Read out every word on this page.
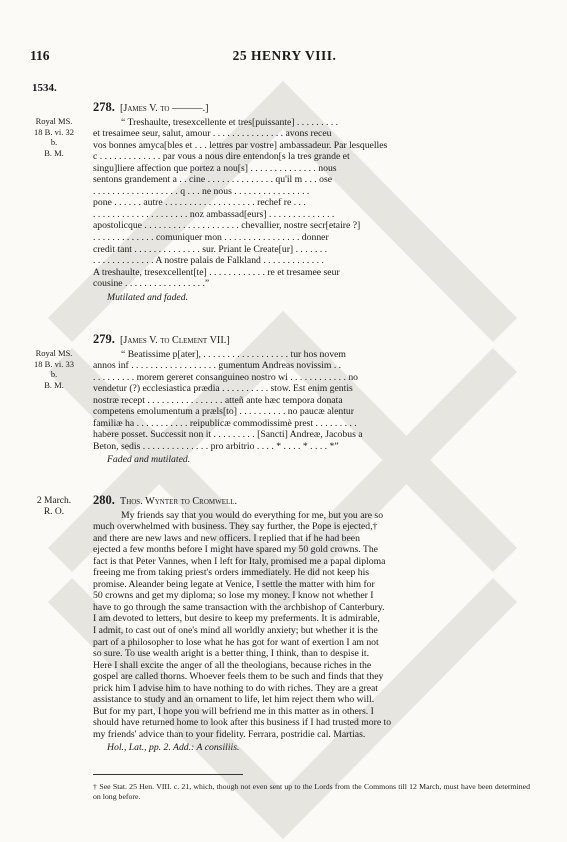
116	25 HENRY VIII.
1534.
Royal MS.
18 B. vi. 32 b.
B. M.
278. [James V. to ———.]
“ Treshaulte, tresexcellente et tres[puissante] . . . . . . . . .
et tresaimee seur, salut, amour . . . . . . . . . . . . . . . avons receu
vos bonnes amyca[bles et . . . lettres par vostre] ambassadeur. Par lesquelles
c . . . . . . . . . . . . . par vous a nous dire entendon[s la tres grande et
singu]liere affection que portez a nou[s] . . . . . . . . . . . . . . nous
sentons grandement a . . cine . . . . . . . . . . . . . . qu'il m . . . ose
. . . . . . . . . . . . . . . . . . q . . . ne nous . . . . . . . . . . . . . . . .
pone . . . . . . autre . . . . . . . . . . . . . . . . . . . rechef re . . .
. . . . . . . . . . . . . . . . . . . . noz ambassad[eurs] . . . . . . . . . . . . . .
apostolicque . . . . . . . . . . . . . . . . . . . . chevallier, nostre secr[etaire ?]
. . . . . . . . . . . . . comuniquer mon . . . . . . . . . . . . . . . . donner
credit tant . . . . . . . . . . . . . . sur. Priant le Create[ur] . . . . . . .
. . . . . . . . . . . . . A nostre palais de Falkland . . . . . . . . . . . . .
A treshaulte, tresexcellent[te] . . . . . . . . . . . . re et tresamee seur
cousine . . . . . . . . . . . . . . . . .”
Mutilated and faded.
Royal MS.
18 B. vi. 33 b.
B. M.
279. [James V. to Clement VII.]
“ Beatissime p[ater], . . . . . . . . . . . . . . . . . . tur hos novem
annos inf . . . . . . . . . . . . . . . . . . gumentum Andreas novissim . .
. . . . . . . . . morem gereret consanguineo nostro wi . . . . . . . . . . . . no
vendetur (?) ecclesiastica prædia . . . . . . . . . . stow. Est enim gentis
nostræ recept . . . . . . . . . . . . . . . . atteñ ante hæc tempora donata
competens emolumentum a præls[to] . . . . . . . . . . no paucæ alentur
familiæ ha . . . . . . . . . . . reipublicæ commodissimè prest . . . . . . . . .
habere posset. Successit non it . . . . . . . . . [Sancti] Andreæ, Jacobus a
Beton, sedis . . . . . . . . . . . . . . pro arbitrio . . . . * . . . . * . . . . *”
Faded and mutilated.
2 March.
R. O.
280. Thos. Wynter to Cromwell.
My friends say that you would do everything for me, but you are so
much overwhelmed with business. They say further, the Pope is ejected,†
and there are new laws and new officers. I replied that if he had been
ejected a few months before I might have spared my 50 gold crowns. The
fact is that Peter Vannes, when I left for Italy, promised me a papal diploma
freeing me from taking priest's orders immediately. He did not keep his
promise. Aleander being legate at Venice, I settle the matter with him for
50 crowns and get my diploma; so lose my money. I know not whether I
have to go through the same transaction with the archbishop of Canterbury.
I am devoted to letters, but desire to keep my preferments. It is admirable,
I admit, to cast out of one's mind all worldly anxiety; but whether it is the
part of a philosopher to lose what he has got for want of exertion I am not
so sure. To use wealth aright is a better thing, I think, than to despise it.
Here I shall excite the anger of all the theologians, because riches in the
gospel are called thorns. Whoever feels them to be such and finds that they
prick him I advise him to have nothing to do with riches. They are a great
assistance to study and an ornament to life, let him reject them who will.
But for my part, I hope you will befriend me in this matter as in others. I
should have returned home to look after this business if I had trusted more to
my friends' advice than to your fidelity. Ferrara, postridie cal. Martias.
Hol., Lat., pp. 2. Add.: A consiliis.
† See Stat. 25 Hen. VIII. c. 21, which, though not even sent up to the Lords from the Commons till 12 March, must have been determined on long before.
